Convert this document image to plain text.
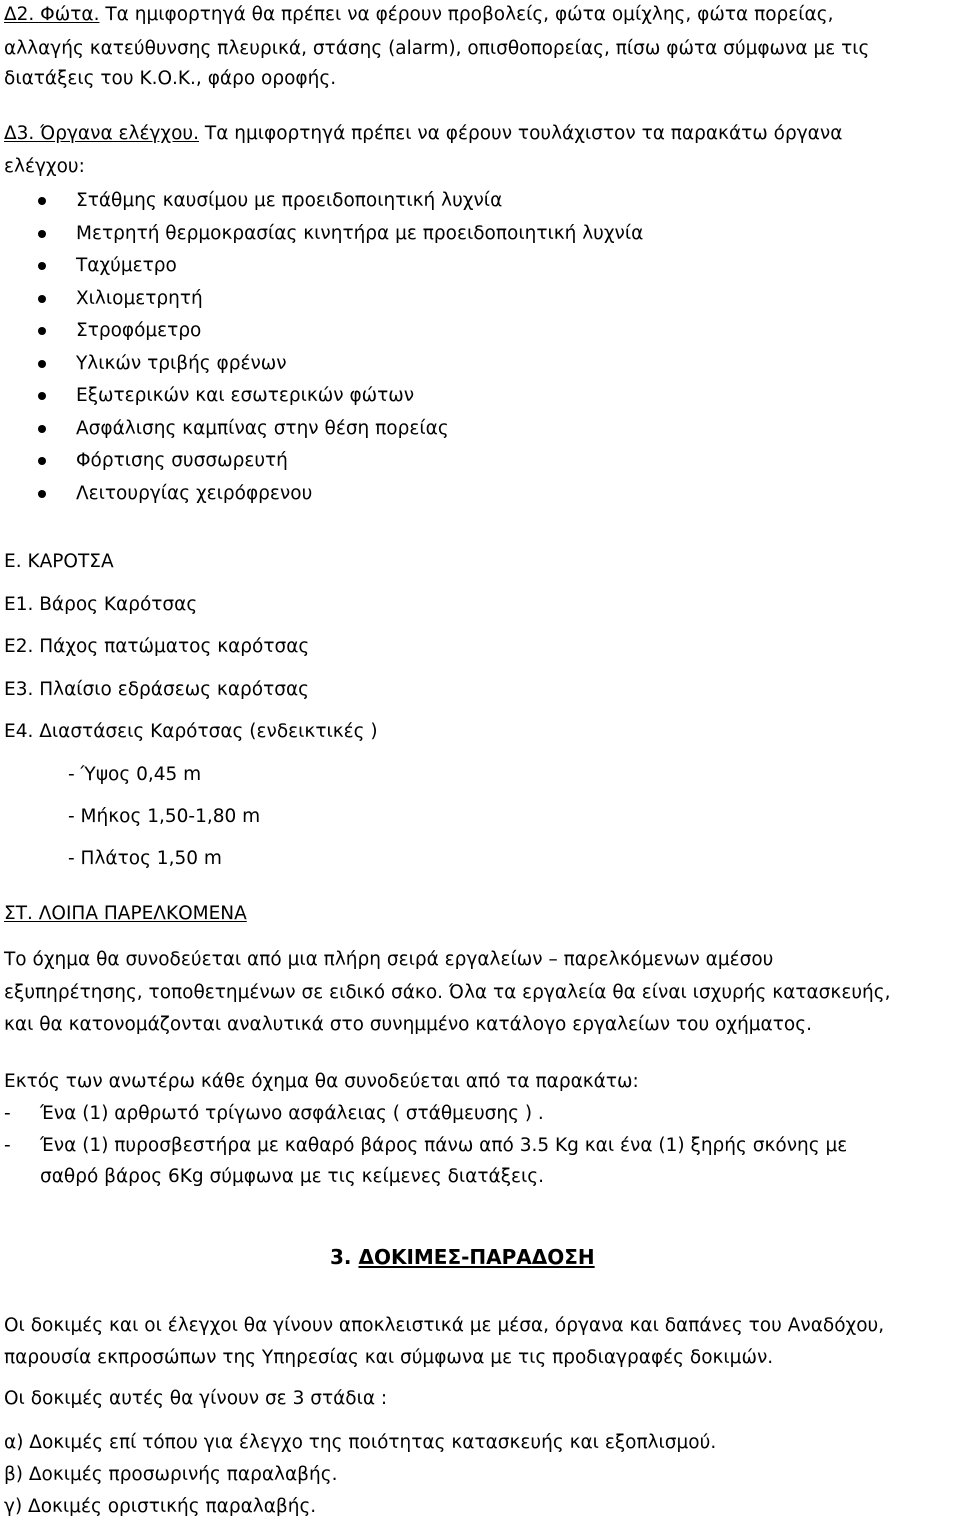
Δ2. Φώτα. Τα ημιφορτηγά θα πρέπει να φέρουν προβολείς, φώτα ομίχλης, φώτα πορείας,
αλλαγής κατεύθυνσης πλευρικά, στάσης (alarm), οπισθοπορείας, πίσω φώτα σύμφωνα με τις
διατάξεις του Κ.Ο.Κ., φάρο οροφής.
Δ3. Όργανα ελέγχου. Τα ημιφορτηγά πρέπει να φέρουν τουλάχιστον τα παρακάτω όργανα
ελέγχου:
Στάθμης καυσίμου με προειδοποιητική λυχνία
Μετρητή θερμοκρασίας κινητήρα με προειδοποιητική λυχνία
Ταχύμετρο
Χιλιομετρητή
Στροφόμετρο
Υλικών τριβής φρένων
Εξωτερικών και εσωτερικών φώτων
Ασφάλισης καμπίνας στην θέση πορείας
Φόρτισης συσσωρευτή
Λειτουργίας χειρόφρενου
Ε. ΚΑΡΟΤΣΑ
Ε1. Βάρος Καρότσας
Ε2. Πάχος πατώματος καρότσας
Ε3. Πλαίσιο εδράσεως καρότσας
Ε4. Διαστάσεις Καρότσας (ενδεικτικές )
- Ύψος 0,45 m
- Μήκος 1,50-1,80 m
- Πλάτος 1,50 m
ΣΤ. ΛΟΙΠΑ ΠΑΡΕΛΚΟΜΕΝΑ
Το όχημα θα συνοδεύεται από μια πλήρη σειρά εργαλείων – παρελκόμενων αμέσου
εξυπηρέτησης, τοποθετημένων σε ειδικό σάκο. Όλα τα εργαλεία θα είναι ισχυρής κατασκευής,
και θα κατονομάζονται αναλυτικά στο συνημμένο κατάλογο εργαλείων του οχήματος.
Εκτός των ανωτέρω κάθε όχημα θα συνοδεύεται από τα παρακάτω:
- Ένα (1) αρθρωτό τρίγωνο ασφάλειας ( στάθμευσης ) .
- Ένα (1) πυροσβεστήρα με καθαρό βάρος πάνω από 3.5 Kg και ένα (1) ξηρής σκόνης με
σαθρό βάρος 6Kg σύμφωνα με τις κείμενες διατάξεις.
3. ΔΟΚΙΜΕΣ-ΠΑΡΑΔΟΣΗ
Οι δοκιμές και οι έλεγχοι θα γίνουν αποκλειστικά με μέσα, όργανα και δαπάνες του Αναδόχου,
παρουσία εκπροσώπων της Υπηρεσίας και σύμφωνα με τις προδιαγραφές δοκιμών.
Οι δοκιμές αυτές θα γίνουν σε 3 στάδια :
α) Δοκιμές επί τόπου για έλεγχο της ποιότητας κατασκευής και εξοπλισμού.
β) Δοκιμές προσωρινής παραλαβής.
γ) Δοκιμές οριστικής παραλαβής.
